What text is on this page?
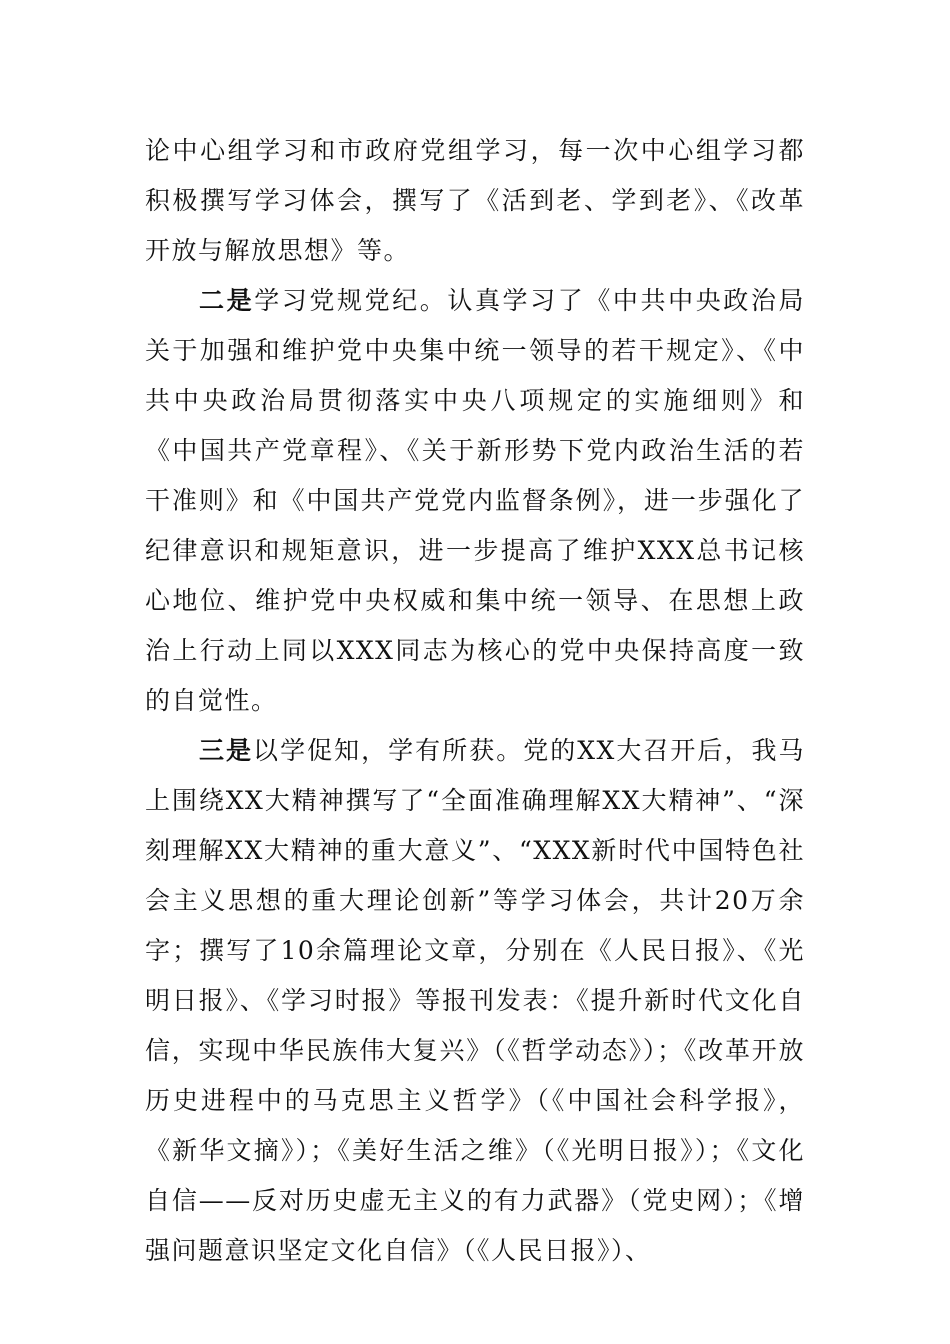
论中心组学习和市政府党组学习，每一次中心组学习都积极撰写学习体会，撰写了《活到老、学到老》、《改革开放与解放思想》等。

二是学习党规党纪。认真学习了《中共中央政治局关于加强和维护党中央集中统一领导的若干规定》、《中共中央政治局贯彻落实中央八项规定的实施细则》和《中国共产党章程》、《关于新形势下党内政治生活的若干准则》和《中国共产党党内监督条例》，进一步强化了纪律意识和规矩意识，进一步提高了维护XXX总书记核心地位、维护党中央权威和集中统一领导、在思想上政治上行动上同以XXX同志为核心的党中央保持高度一致的自觉性。

三是以学促知，学有所获。党的XX大召开后，我马上围绕XX大精神撰写了“全面准确理解XX大精神”、“深刻理解XX大精神的重大意义”、“XXX新时代中国特色社会主义思想的重大理论创新”等学习体会，共计20万余字；撰写了10余篇理论文章，分别在《人民日报》、《光明日报》、《学习时报》等报刊发表：《提升新时代文化自信，实现中华民族伟大复兴》（《哲学动态》）；《改革开放历史进程中的马克思主义哲学》（《中国社会科学报》，《新华文摘》）；《美好生活之维》（《光明日报》）；《文化自信——反对历史虚无主义的有力武器》（党史网）；《增强问题意识坚定文化自信》（《人民日报》）、
